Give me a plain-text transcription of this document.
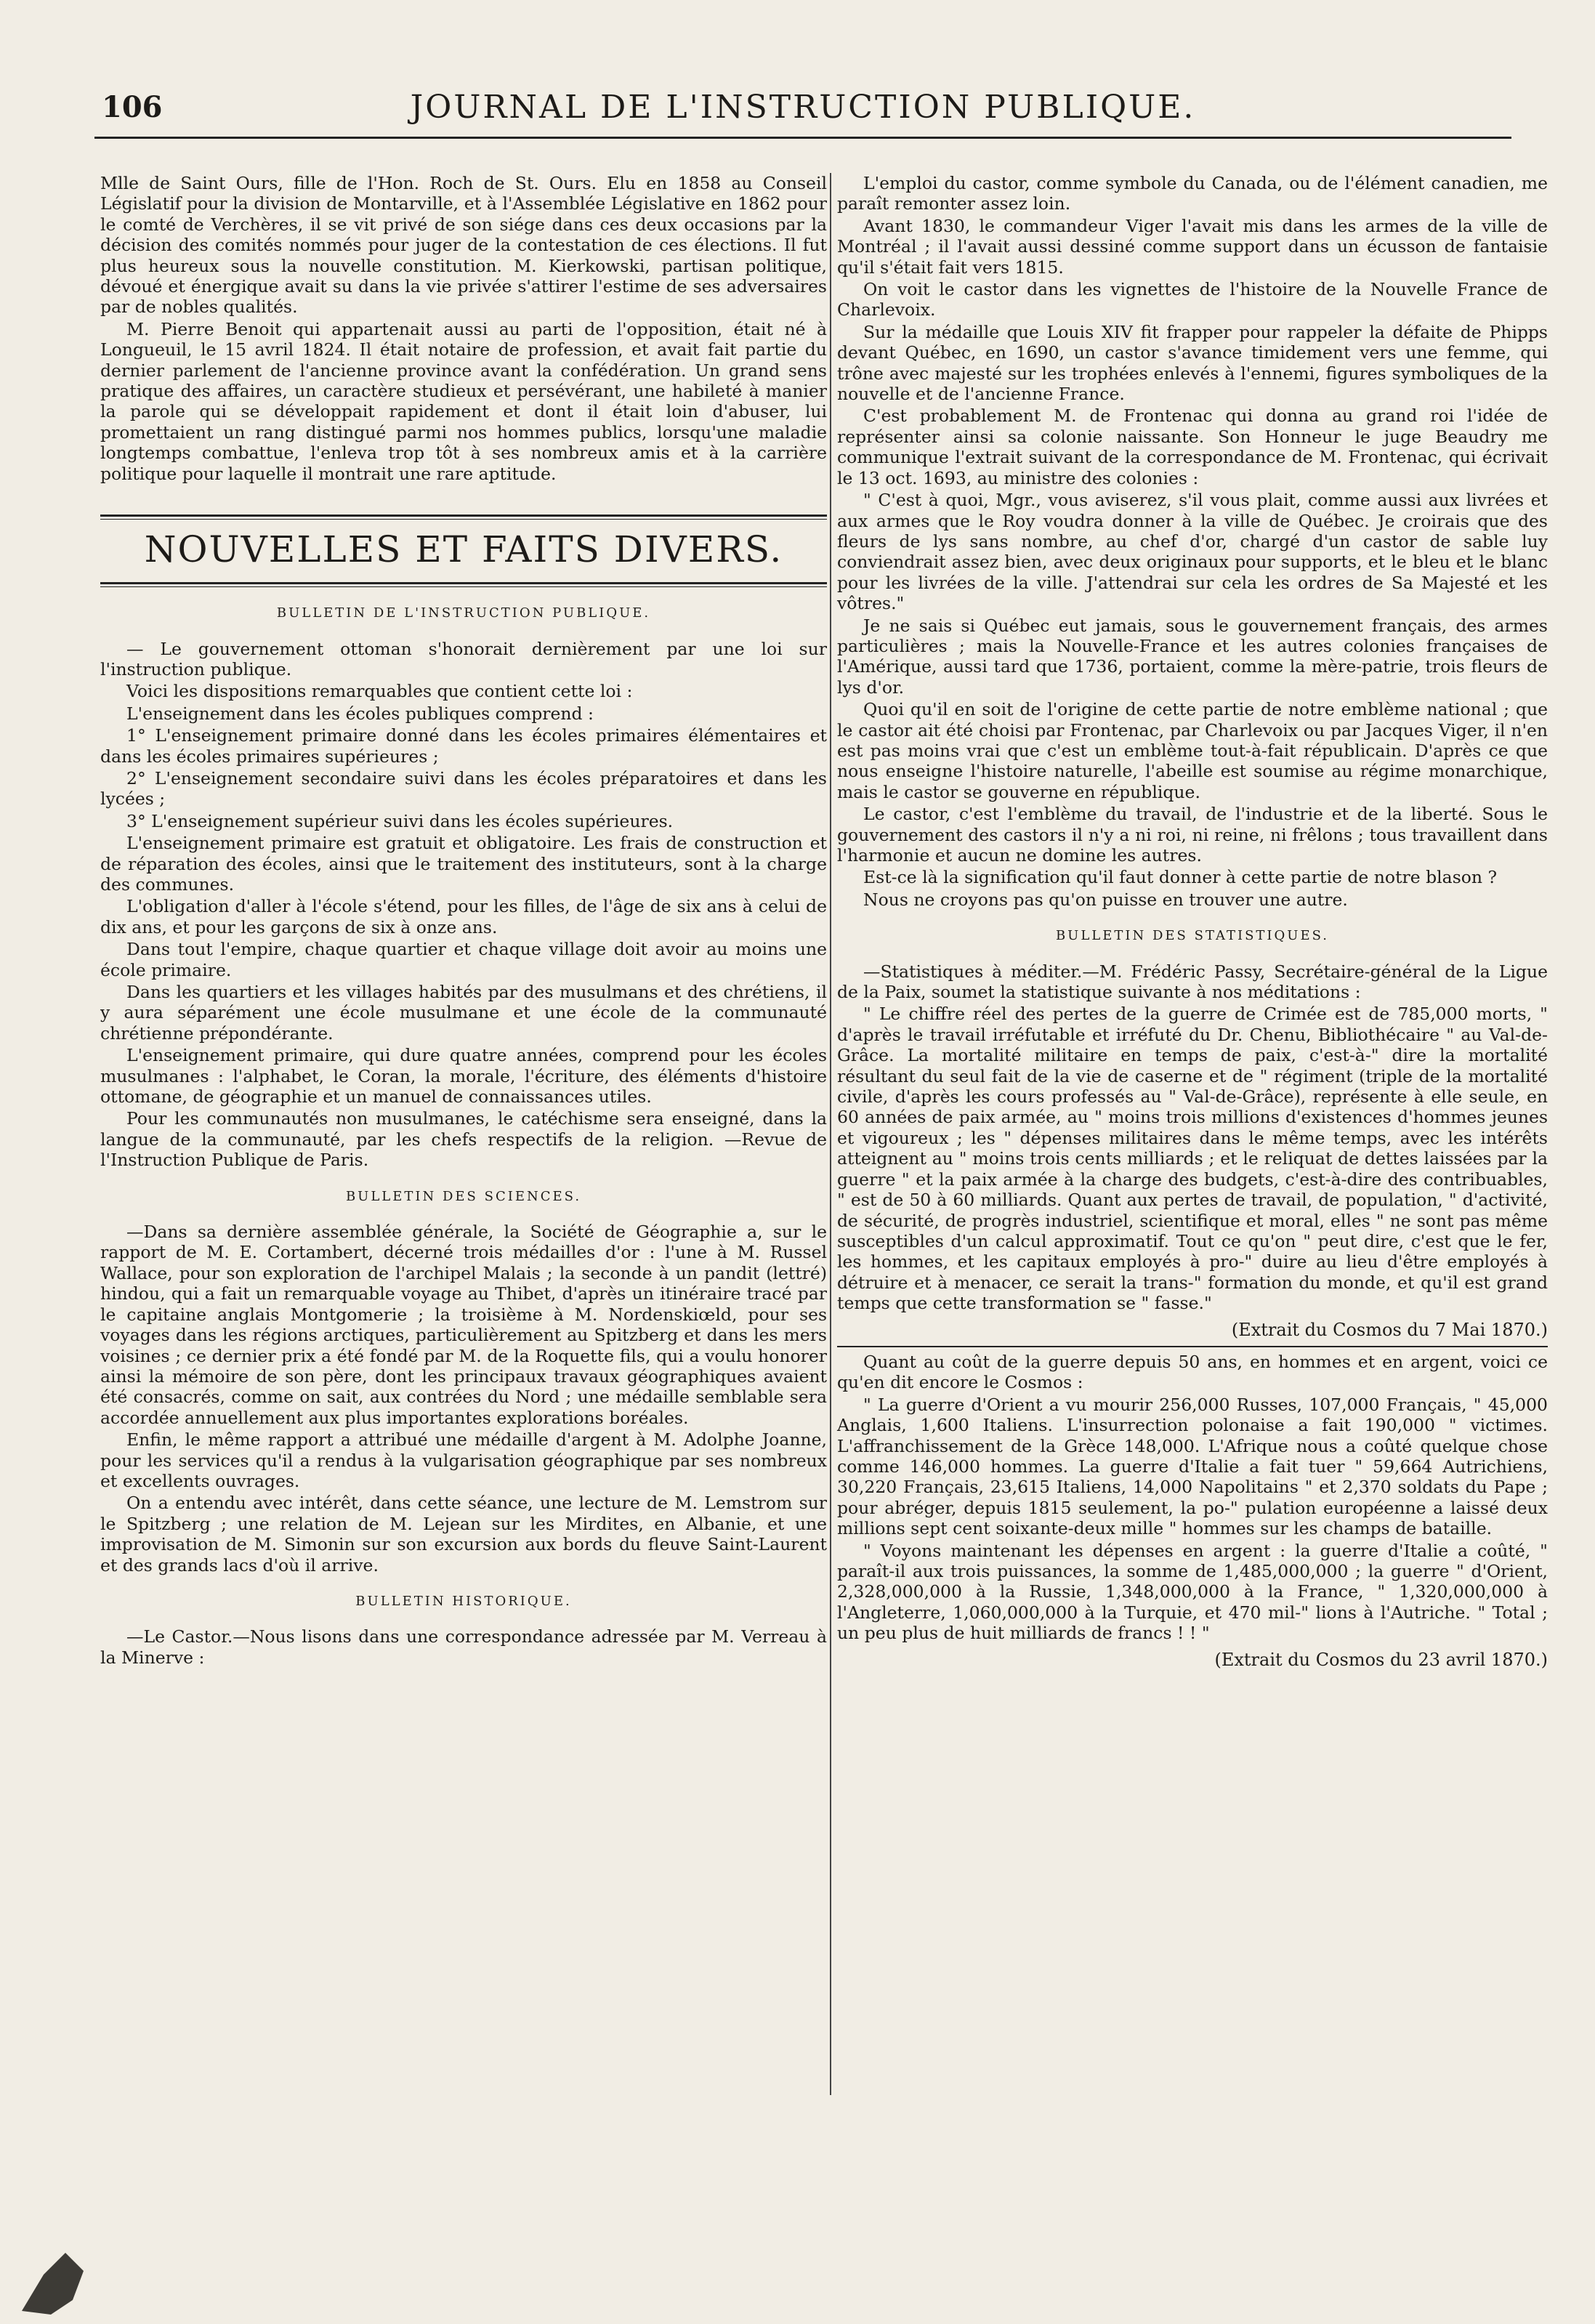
106	JOURNAL DE L'INSTRUCTION PUBLIQUE.

Mlle de Saint Ours, fille de l'Hon. Roch de St. Ours. Elu en 1858 au Conseil Législatif pour la division de Montarville, et à l'Assemblée Législative en 1862 pour le comté de Verchères, il se vit privé de son siége dans ces deux occasions par la décision des comités nommés pour juger de la contestation de ces élections. Il fut plus heureux sous la nouvelle constitution. M. Kierkowski, partisan politique, dévoué et énergique avait su dans la vie privée s'attirer l'estime de ses adversaires par de nobles qualités.

M. Pierre Benoit qui appartenait aussi au parti de l'opposition, était né à Longueuil, le 15 avril 1824. Il était notaire de profession, et avait fait partie du dernier parlement de l'ancienne province avant la confédération. Un grand sens pratique des affaires, un caractère studieux et persévérant, une habileté à manier la parole qui se développait rapidement et dont il était loin d'abuser, lui promettaient un rang distingué parmi nos hommes publics, lorsqu'une maladie longtemps combattue, l'enleva trop tôt à ses nombreux amis et à la carrière politique pour laquelle il montrait une rare aptitude.

NOUVELLES ET FAITS DIVERS.
BULLETIN DE L'INSTRUCTION PUBLIQUE.

— Le gouvernement ottoman s'honorait dernièrement par une loi sur l'instruction publique.

Voici les dispositions remarquables que contient cette loi :

L'enseignement dans les écoles publiques comprend :

1° L'enseignement primaire donné dans les écoles primaires élémentaires et dans les écoles primaires supérieures ;

2° L'enseignement secondaire suivi dans les écoles préparatoires et dans les lycées ;

3° L'enseignement supérieur suivi dans les écoles supérieures.

L'enseignement primaire est gratuit et obligatoire. Les frais de construction et de réparation des écoles, ainsi que le traitement des instituteurs, sont à la charge des communes.

L'obligation d'aller à l'école s'étend, pour les filles, de l'âge de six ans à celui de dix ans, et pour les garçons de six à onze ans.

Dans tout l'empire, chaque quartier et chaque village doit avoir au moins une école primaire.

Dans les quartiers et les villages habités par des musulmans et des chrétiens, il y aura séparément une école musulmane et une école de la communauté chrétienne prépondérante.

L'enseignement primaire, qui dure quatre années, comprend pour les écoles musulmanes : l'alphabet, le Coran, la morale, l'écriture, des éléments d'histoire ottomane, de géographie et un manuel de connaissances utiles.

Pour les communautés non musulmanes, le catéchisme sera enseigné, dans la langue de la communauté, par les chefs respectifs de la religion. —Revue de l'Instruction Publique de Paris.

BULLETIN DES SCIENCES.

—Dans sa dernière assemblée générale, la Société de Géographie a, sur le rapport de M. E. Cortambert, décerné trois médailles d'or : l'une à M. Russel Wallace, pour son exploration de l'archipel Malais ; la seconde à un pandit (lettré) hindou, qui a fait un remarquable voyage au Thibet, d'après un itinéraire tracé par le capitaine anglais Montgomerie ; la troisième à M. Nordenskiœld, pour ses voyages dans les régions arctiques, particulièrement au Spitzberg et dans les mers voisines ; ce dernier prix a été fondé par M. de la Roquette fils, qui a voulu honorer ainsi la mémoire de son père, dont les principaux travaux géographiques avaient été consacrés, comme on sait, aux contrées du Nord ; une médaille semblable sera accordée annuellement aux plus importantes explorations boréales.

Enfin, le même rapport a attribué une médaille d'argent à M. Adolphe Joanne, pour les services qu'il a rendus à la vulgarisation géographique par ses nombreux et excellents ouvrages.

On a entendu avec intérêt, dans cette séance, une lecture de M. Lemstrom sur le Spitzberg ; une relation de M. Lejean sur les Mirdites, en Albanie, et une improvisation de M. Simonin sur son excursion aux bords du fleuve Saint-Laurent et des grands lacs d'où il arrive.

BULLETIN HISTORIQUE.

—Le Castor.—Nous lisons dans une correspondance adressée par M. Verreau à la Minerve :

L'emploi du castor, comme symbole du Canada, ou de l'élément canadien, me paraît remonter assez loin.

Avant 1830, le commandeur Viger l'avait mis dans les armes de la ville de Montréal ; il l'avait aussi dessiné comme support dans un écusson de fantaisie qu'il s'était fait vers 1815.

On voit le castor dans les vignettes de l'histoire de la Nouvelle France de Charlevoix.

Sur la médaille que Louis XIV fit frapper pour rappeler la défaite de Phipps devant Québec, en 1690, un castor s'avance timidement vers une femme, qui trône avec majesté sur les trophées enlevés à l'ennemi, figures symboliques de la nouvelle et de l'ancienne France.

C'est probablement M. de Frontenac qui donna au grand roi l'idée de représenter ainsi sa colonie naissante. Son Honneur le juge Beaudry me communique l'extrait suivant de la correspondance de M. Frontenac, qui écrivait le 13 oct. 1693, au ministre des colonies :

" C'est à quoi, Mgr., vous aviserez, s'il vous plait, comme aussi aux livrées et aux armes que le Roy voudra donner à la ville de Québec. Je croirais que des fleurs de lys sans nombre, au chef d'or, chargé d'un castor de sable luy conviendrait assez bien, avec deux originaux pour supports, et le bleu et le blanc pour les livrées de la ville. J'attendrai sur cela les ordres de Sa Majesté et les vôtres."

Je ne sais si Québec eut jamais, sous le gouvernement français, des armes particulières ; mais la Nouvelle-France et les autres colonies françaises de l'Amérique, aussi tard que 1736, portaient, comme la mère-patrie, trois fleurs de lys d'or.

Quoi qu'il en soit de l'origine de cette partie de notre emblème national ; que le castor ait été choisi par Frontenac, par Charlevoix ou par Jacques Viger, il n'en est pas moins vrai que c'est un emblème tout-à-fait républicain. D'après ce que nous enseigne l'histoire naturelle, l'abeille est soumise au régime monarchique, mais le castor se gouverne en république.

Le castor, c'est l'emblème du travail, de l'industrie et de la liberté. Sous le gouvernement des castors il n'y a ni roi, ni reine, ni frêlons ; tous travaillent dans l'harmonie et aucun ne domine les autres.

Est-ce là la signification qu'il faut donner à cette partie de notre blason ?

Nous ne croyons pas qu'on puisse en trouver une autre.

BULLETIN DES STATISTIQUES.

—Statistiques à méditer.—M. Frédéric Passy, Secrétaire-général de la Ligue de la Paix, soumet la statistique suivante à nos méditations :

" Le chiffre réel des pertes de la guerre de Crimée est de 785,000 morts, " d'après le travail irréfutable et irréfuté du Dr. Chenu, Bibliothécaire " au Val-de-Grâce. La mortalité militaire en temps de paix, c'est-à-" dire la mortalité résultant du seul fait de la vie de caserne et de " régiment (triple de la mortalité civile, d'après les cours professés au " Val-de-Grâce), représente à elle seule, en 60 années de paix armée, au " moins trois millions d'existences d'hommes jeunes et vigoureux ; les " dépenses militaires dans le même temps, avec les intérêts atteignent au " moins trois cents milliards ; et le reliquat de dettes laissées par la guerre " et la paix armée à la charge des budgets, c'est-à-dire des contribuables, " est de 50 à 60 milliards. Quant aux pertes de travail, de population, " d'activité, de sécurité, de progrès industriel, scientifique et moral, elles " ne sont pas même susceptibles d'un calcul approximatif. Tout ce qu'on " peut dire, c'est que le fer, les hommes, et les capitaux employés à pro-" duire au lieu d'être employés à détruire et à menacer, ce serait la trans-" formation du monde, et qu'il est grand temps que cette transformation se " fasse."

(Extrait du Cosmos du 7 Mai 1870.)

Quant au coût de la guerre depuis 50 ans, en hommes et en argent, voici ce qu'en dit encore le Cosmos :

" La guerre d'Orient a vu mourir 256,000 Russes, 107,000 Français, " 45,000 Anglais, 1,600 Italiens. L'insurrection polonaise a fait 190,000 " victimes. L'affranchissement de la Grèce 148,000. L'Afrique nous a coûté quelque chose comme 146,000 hommes. La guerre d'Italie a fait tuer " 59,664 Autrichiens, 30,220 Français, 23,615 Italiens, 14,000 Napolitains " et 2,370 soldats du Pape ; pour abréger, depuis 1815 seulement, la po-" pulation européenne a laissé deux millions sept cent soixante-deux mille " hommes sur les champs de bataille.

" Voyons maintenant les dépenses en argent : la guerre d'Italie a coûté, " paraît-il aux trois puissances, la somme de 1,485,000,000 ; la guerre " d'Orient, 2,328,000,000 à la Russie, 1,348,000,000 à la France, " 1,320,000,000 à l'Angleterre, 1,060,000,000 à la Turquie, et 470 mil-" lions à l'Autriche. " Total ; un peu plus de huit milliards de francs ! ! "

(Extrait du Cosmos du 23 avril 1870.)
